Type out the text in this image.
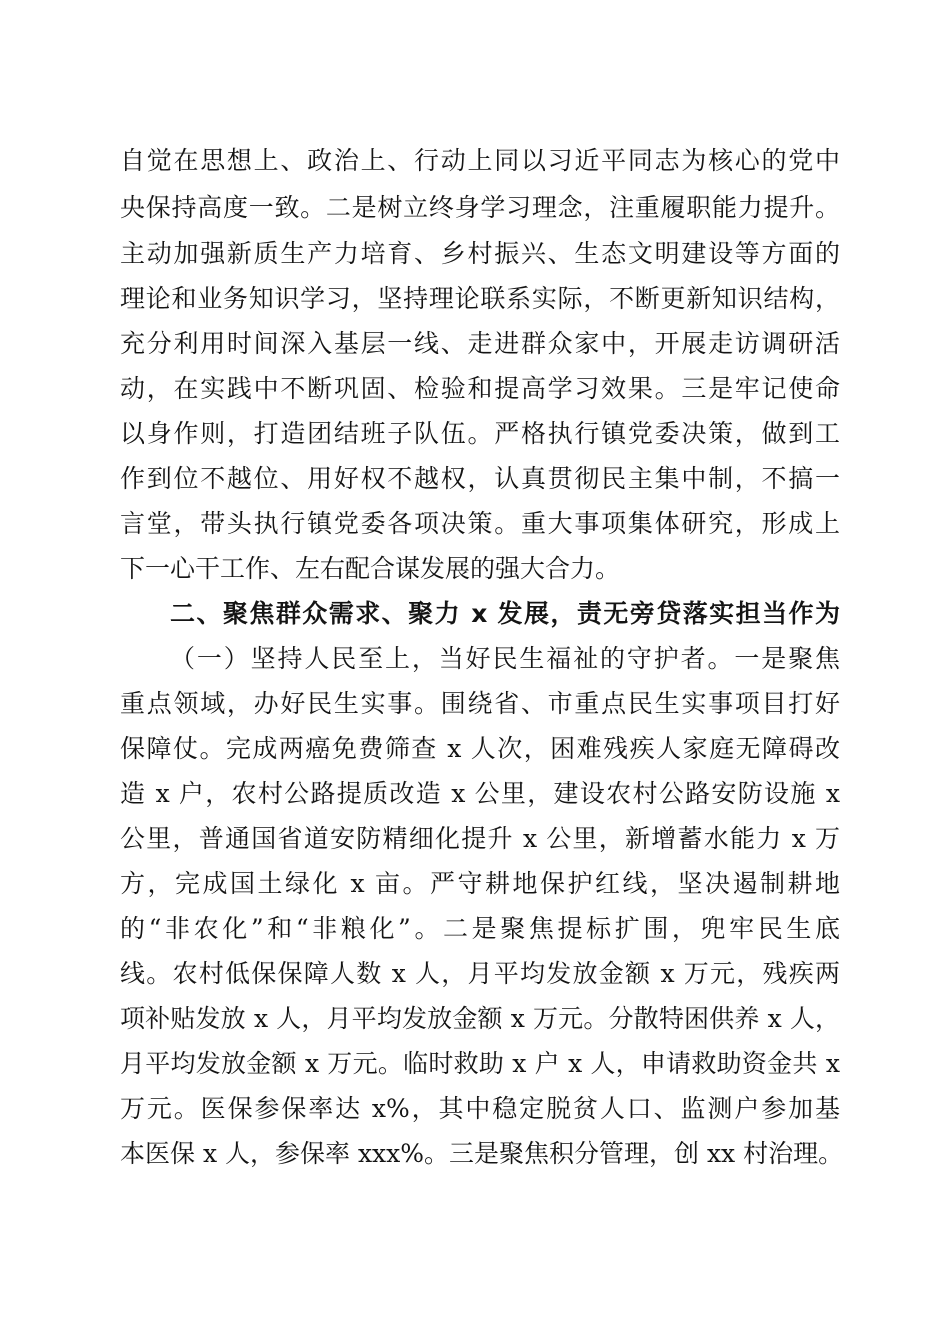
自觉在思想上、政治上、行动上同以习近平同志为核心的党中
央保持高度一致。二是树立终身学习理念，注重履职能力提升。
主动加强新质生产力培育、乡村振兴、生态文明建设等方面的
理论和业务知识学习，坚持理论联系实际，不断更新知识结构，
充分利用时间深入基层一线、走进群众家中，开展走访调研活
动，在实践中不断巩固、检验和提高学习效果。三是牢记使命
以身作则，打造团结班子队伍。严格执行镇党委决策，做到工
作到位不越位、用好权不越权，认真贯彻民主集中制，不搞一
言堂，带头执行镇党委各项决策。重大事项集体研究，形成上
下一心干工作、左右配合谋发展的强大合力。
二、聚焦群众需求、聚力 x 发展，责无旁贷落实担当作为
（一）坚持人民至上，当好民生福祉的守护者。一是聚焦
重点领域，办好民生实事。围绕省、市重点民生实事项目打好
保障仗。完成两癌免费筛查 x 人次，困难残疾人家庭无障碍改
造 x 户，农村公路提质改造 x 公里，建设农村公路安防设施 x
公里，普通国省道安防精细化提升 x 公里，新增蓄水能力 x 万
方，完成国土绿化 x 亩。严守耕地保护红线，坚决遏制耕地
的“非农化”和“非粮化”。二是聚焦提标扩围，兜牢民生底
线。农村低保保障人数 x 人，月平均发放金额 x 万元，残疾两
项补贴发放 x 人，月平均发放金额 x 万元。分散特困供养 x 人，
月平均发放金额 x 万元。临时救助 x 户 x 人，申请救助资金共 x
万元。医保参保率达 x%，其中稳定脱贫人口、监测户参加基
本医保 x 人，参保率 xxx%。三是聚焦积分管理，创 xx 村治理。
